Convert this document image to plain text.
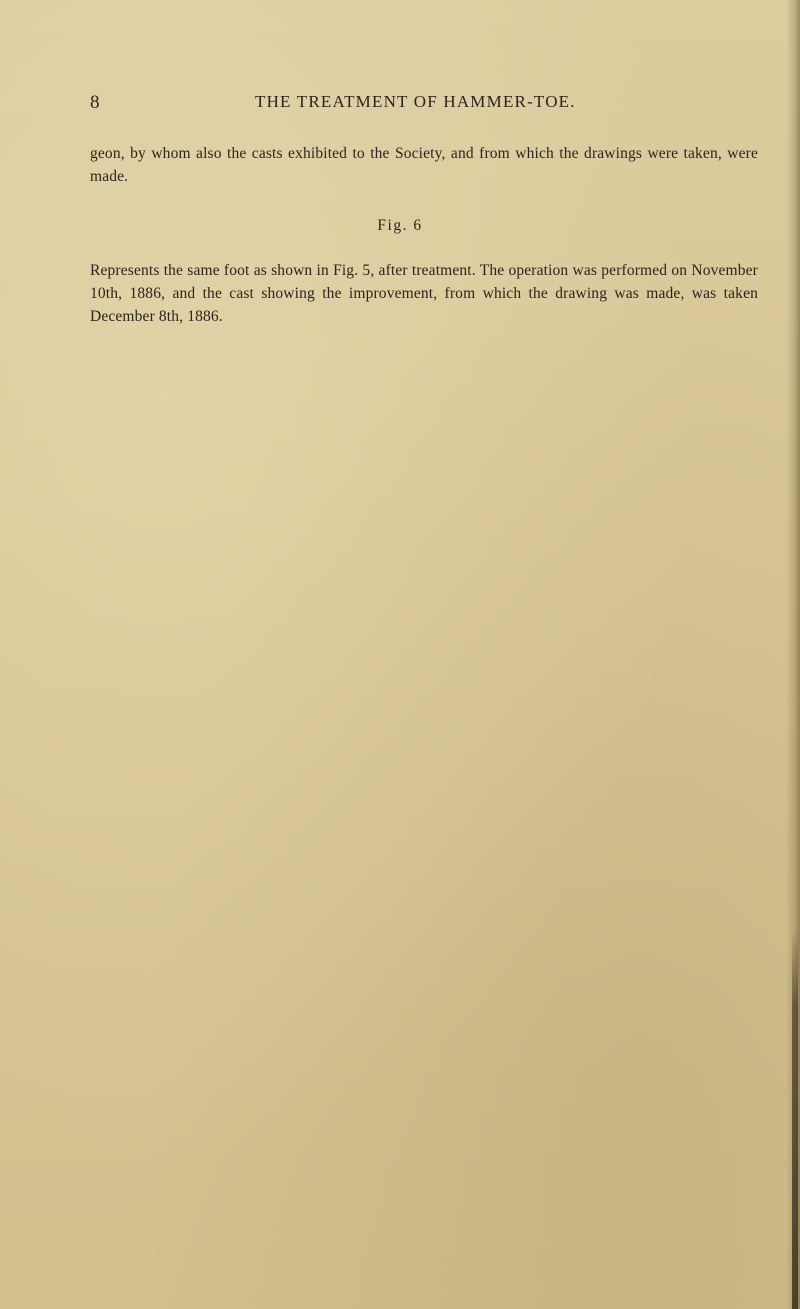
8	THE TREATMENT OF HAMMER-TOE.

geon, by whom also the casts exhibited to the Society, and from which the drawings were taken, were made.

Fig. 6

Represents the same foot as shown in Fig. 5, after treatment. The operation was performed on November 10th, 1886, and the cast showing the improvement, from which the drawing was made, was taken December 8th, 1886.
